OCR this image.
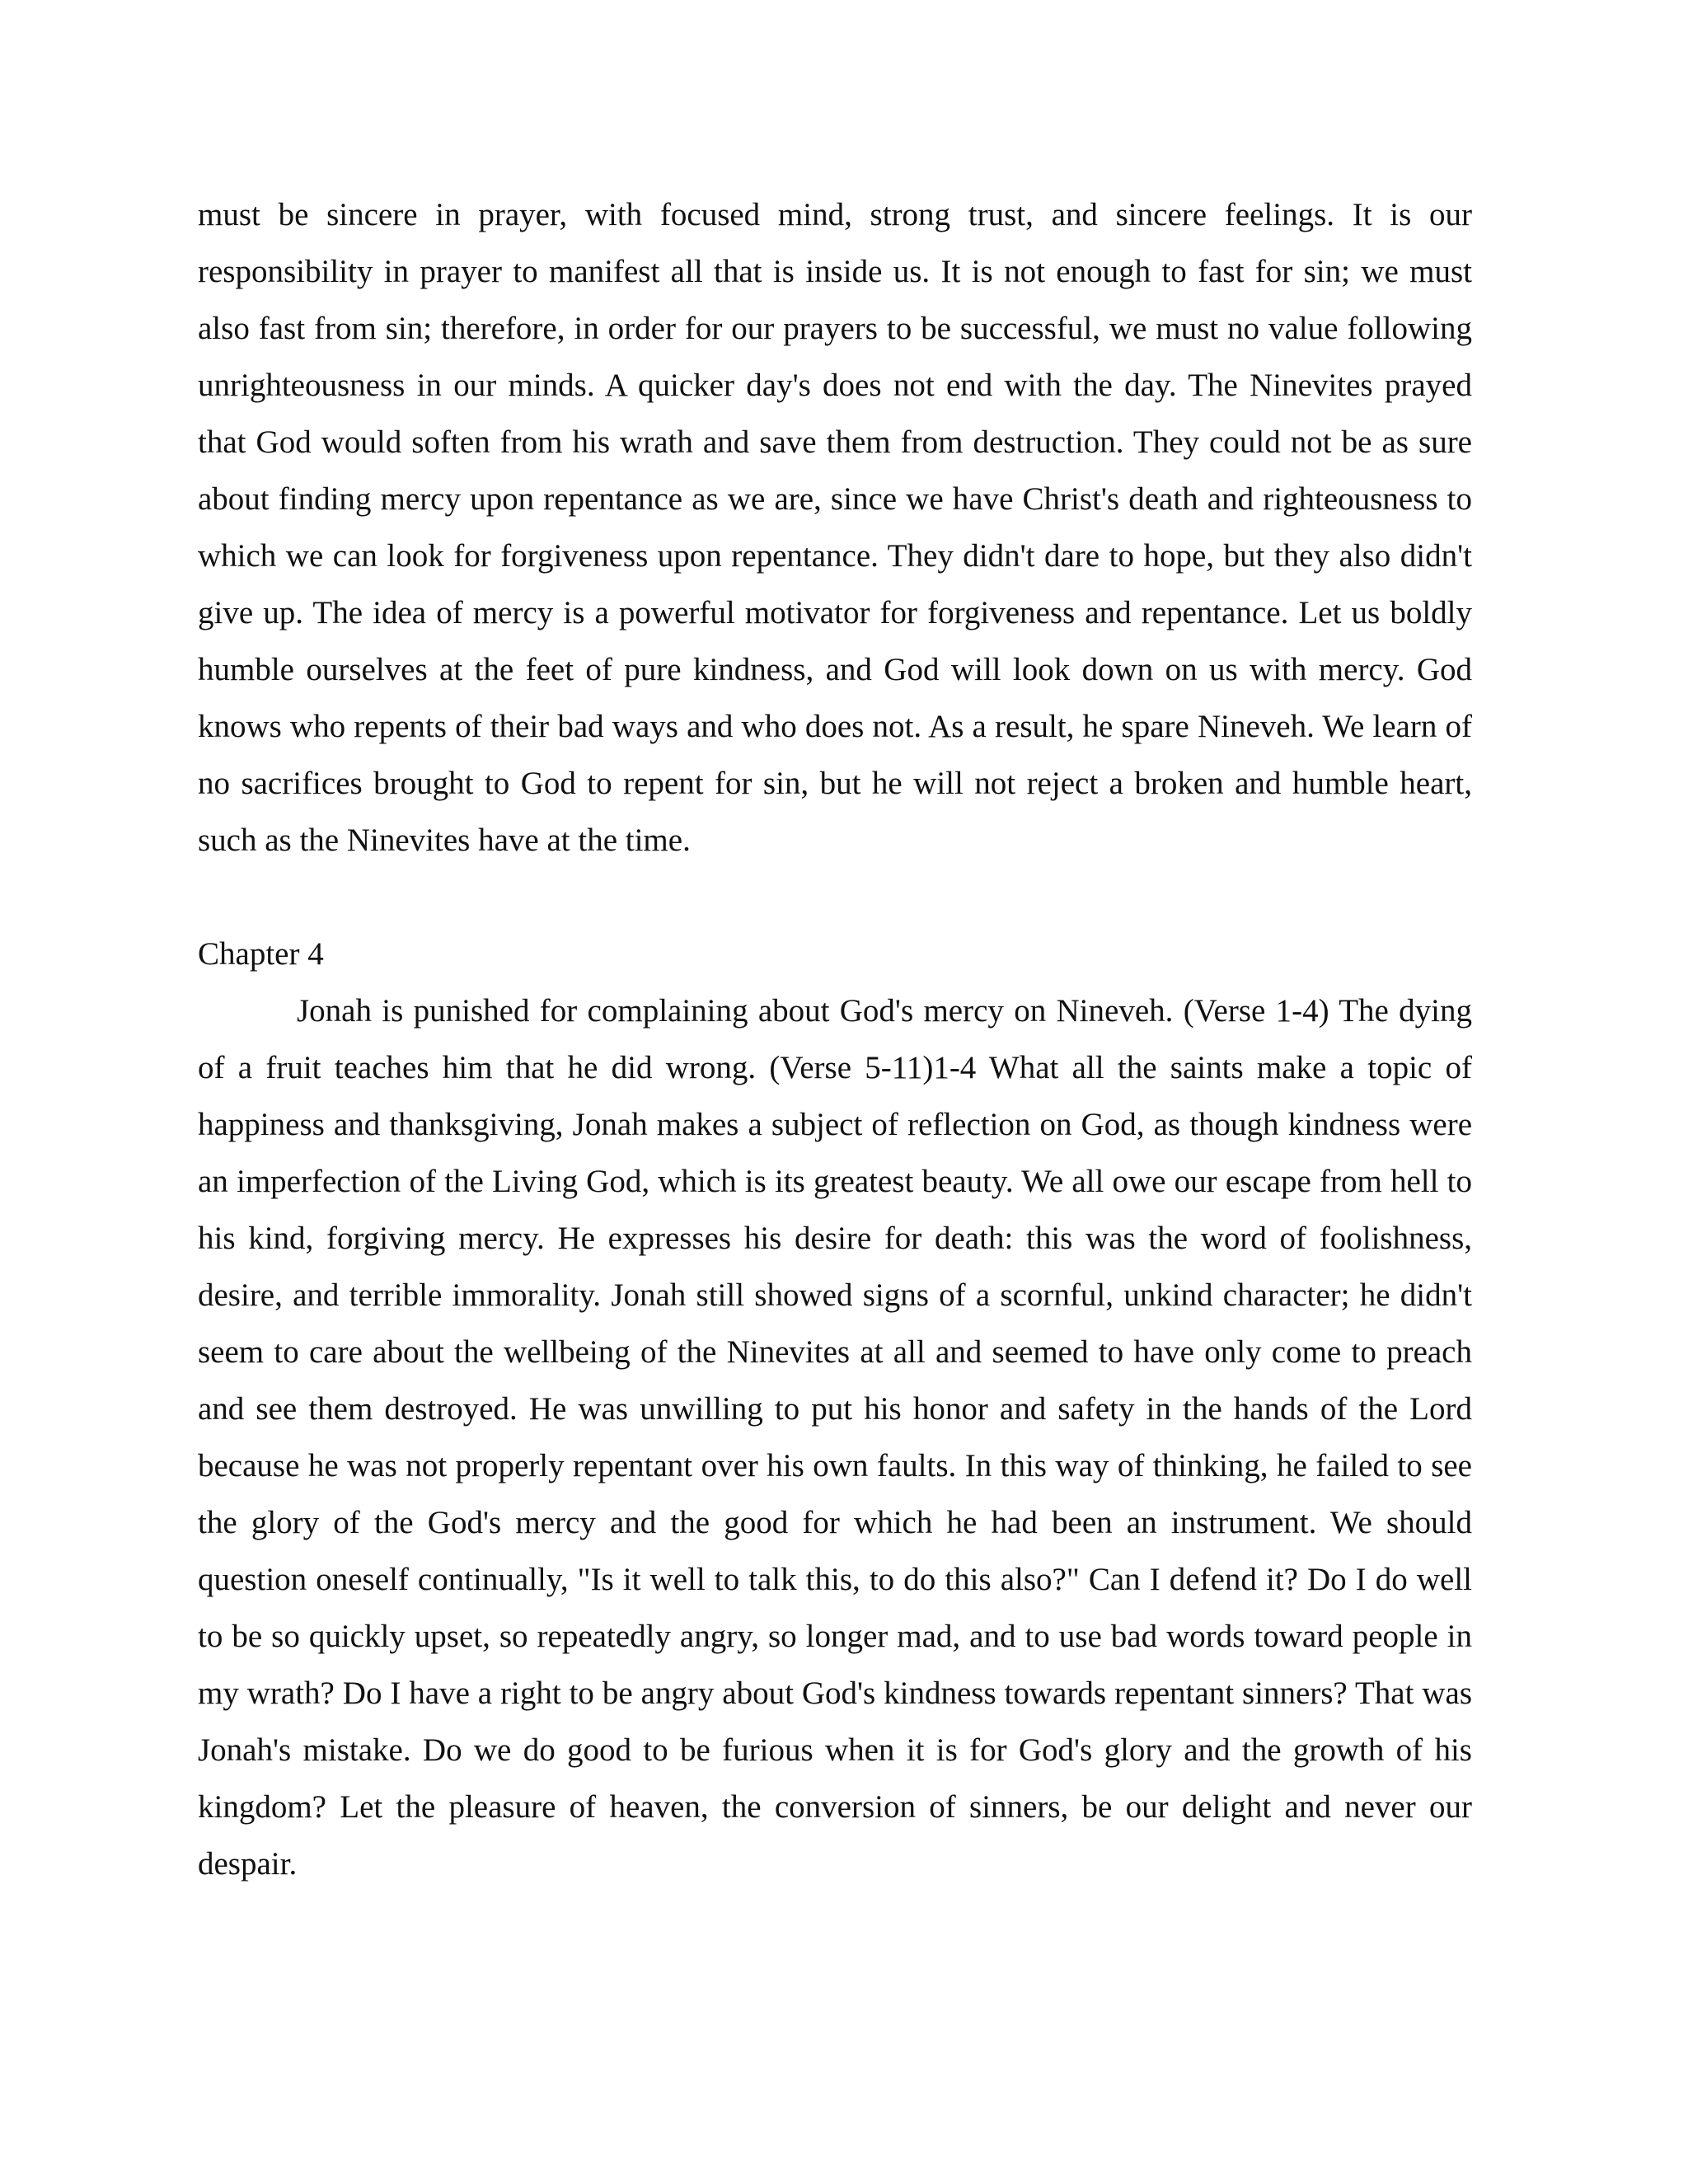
must be sincere in prayer, with focused mind, strong trust, and sincere feelings. It is our responsibility in prayer to manifest all that is inside us. It is not enough to fast for sin; we must also fast from sin; therefore, in order for our prayers to be successful, we must no value following unrighteousness in our minds. A quicker day's does not end with the day. The Ninevites prayed that God would soften from his wrath and save them from destruction. They could not be as sure about finding mercy upon repentance as we are, since we have Christ's death and righteousness to which we can look for forgiveness upon repentance. They didn't dare to hope, but they also didn't give up. The idea of mercy is a powerful motivator for forgiveness and repentance. Let us boldly humble ourselves at the feet of pure kindness, and God will look down on us with mercy. God knows who repents of their bad ways and who does not. As a result, he spare Nineveh. We learn of no sacrifices brought to God to repent for sin, but he will not reject a broken and humble heart, such as the Ninevites have at the time.

Chapter 4

Jonah is punished for complaining about God's mercy on Nineveh. (Verse 1-4) The dying of a fruit teaches him that he did wrong. (Verse 5-11)1-4 What all the saints make a topic of happiness and thanksgiving, Jonah makes a subject of reflection on God, as though kindness were an imperfection of the Living God, which is its greatest beauty. We all owe our escape from hell to his kind, forgiving mercy. He expresses his desire for death: this was the word of foolishness, desire, and terrible immorality. Jonah still showed signs of a scornful, unkind character; he didn't seem to care about the wellbeing of the Ninevites at all and seemed to have only come to preach and see them destroyed. He was unwilling to put his honor and safety in the hands of the Lord because he was not properly repentant over his own faults. In this way of thinking, he failed to see the glory of the God's mercy and the good for which he had been an instrument. We should question oneself continually, "Is it well to talk this, to do this also?" Can I defend it? Do I do well to be so quickly upset, so repeatedly angry, so longer mad, and to use bad words toward people in my wrath? Do I have a right to be angry about God's kindness towards repentant sinners? That was Jonah's mistake. Do we do good to be furious when it is for God's glory and the growth of his kingdom? Let the pleasure of heaven, the conversion of sinners, be our delight and never our despair.
